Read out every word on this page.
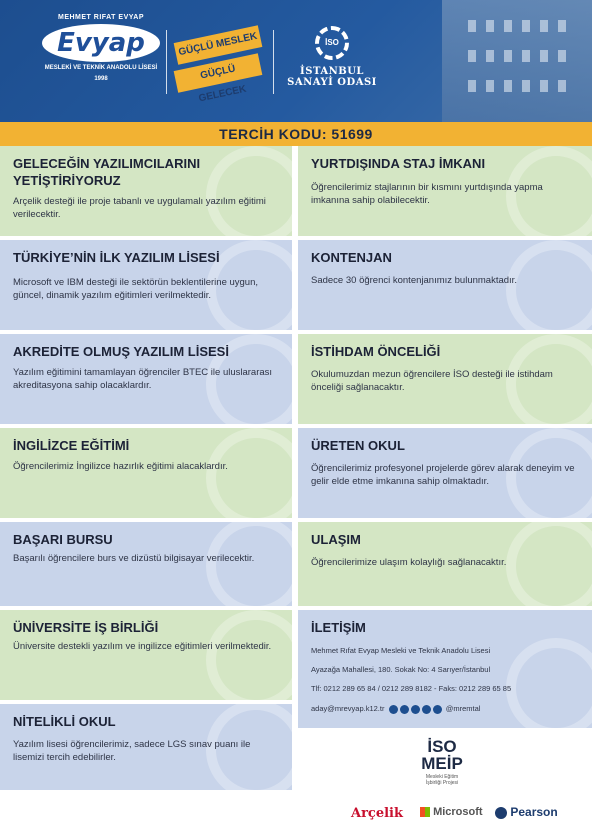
MEHMET RIFAT EVYAP
Evyap
MESLEKİ VE TEKNİK ANADOLU LİSESİ
1998
GÜÇLÜ MESLEK
GÜÇLÜ GELECEK
İSO
İSTANBUL
SANAYİ ODASI
TERCİH KODU: 51699
GELECEĞİN YAZILIMCILARINI YETİŞTİRİYORUZ

Arçelik desteği ile proje tabanlı ve uygulamalı yazılım eğitimi verilecektir.

TÜRKİYE’NİN İLK YAZILIM LİSESİ

Microsoft ve IBM desteği ile sektörün beklentilerine uygun, güncel, dinamik yazılım eğitimleri verilmektedir.

AKREDİTE OLMUŞ YAZILIM LİSESİ

Yazılım eğitimini tamamlayan öğrenciler BTEC ile uluslararası akreditasyona sahip olacaklardır.

İNGİLİZCE EĞİTİMİ

Öğrencilerimiz İngilizce hazırlık eğitimi alacaklardır.

BAŞARI BURSU

Başarılı öğrencilere burs ve dizüstü bilgisayar verilecektir.

ÜNİVERSİTE İŞ BİRLİĞİ

Üniversite destekli yazılım ve ingilizce eğitimleri verilmektedir.

NİTELİKLİ OKUL

Yazılım lisesi öğrencilerimiz, sadece LGS sınav puanı ile lisemizi tercih edebilirler.

YURTDIŞINDA STAJ İMKANI

Öğrencilerimiz stajlarının bir kısmını yurtdışında yapma imkanına sahip olabilecektir.

KONTENJAN

Sadece 30 öğrenci kontenjanımız bulunmaktadır.

İSTİHDAM ÖNCELİĞİ

Okulumuzdan mezun öğrencilere İSO desteği ile istihdam önceliği sağlanacaktır.

ÜRETEN OKUL

Öğrencilerimiz profesyonel projelerde görev alarak deneyim ve gelir elde etme imkanına sahip olmaktadır.

ULAŞIM

Öğrencilerimize ulaşım kolaylığı sağlanacaktır.

İLETİŞİM
Mehmet Rıfat Evyap Mesleki ve Teknik Anadolu Lisesi
Ayazağa Mahallesi, 180. Sokak No: 4 Sarıyer/İstanbul
Tlf: 0212 289 65 84 / 0212 289 8182 - Faks: 0212 289 65 85
aday@mrevyap.k12.tr	@mremtal
İSO MEİP
Mesleki Eğitim
İşbirliği Projesi
Arçelik	Microsoft	Pearson
